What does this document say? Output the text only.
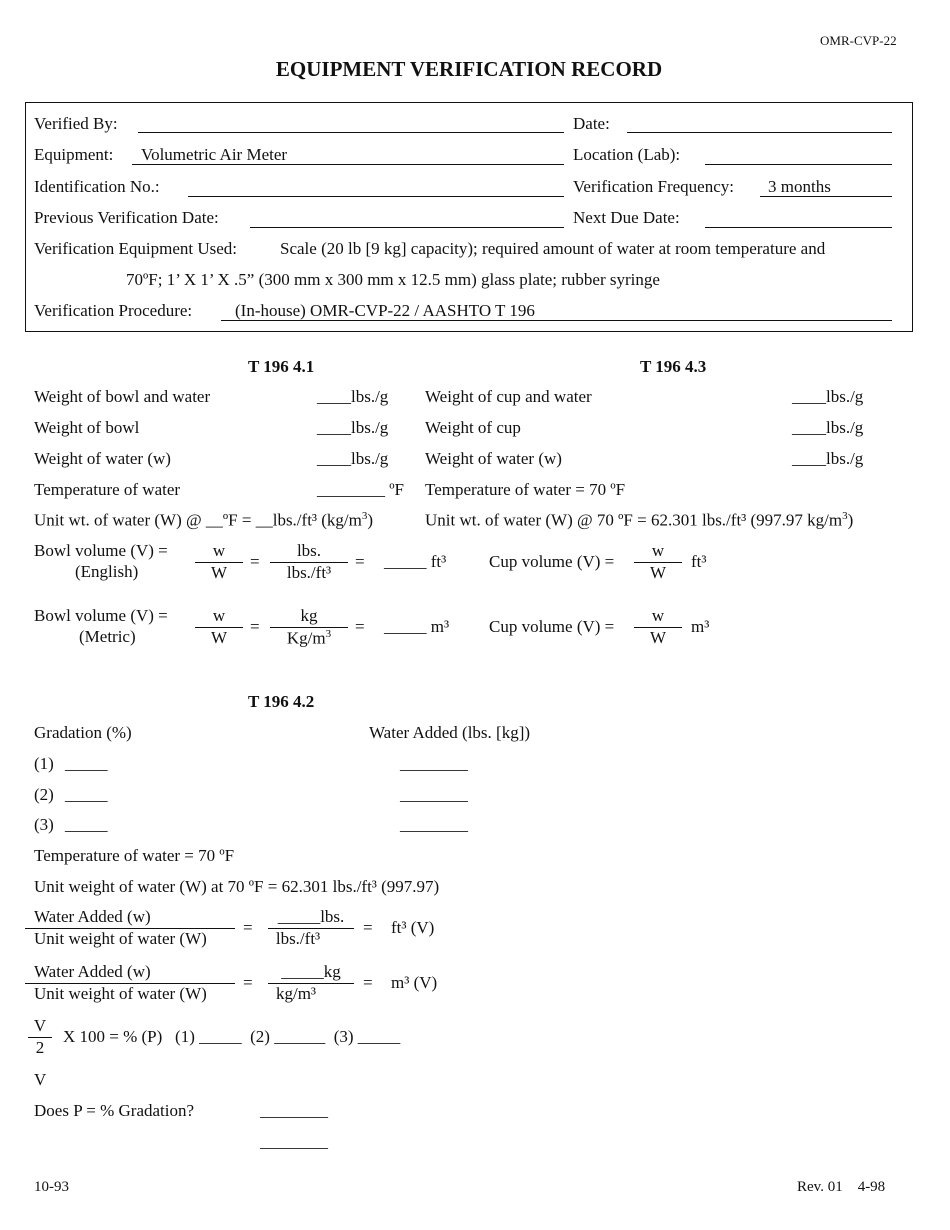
OMR-CVP-22
EQUIPMENT VERIFICATION RECORD
Verified By:	Date:
Equipment: Volumetric Air Meter	Location (Lab):
Identification No.:	Verification Frequency: 3 months
Previous Verification Date:	Next Due Date:
Verification Equipment Used:	Scale (20 lb [9 kg] capacity); required amount of water at room temperature and
70ºF; 1’ X 1’ X .5” (300 mm x 300 mm x 12.5 mm) glass plate; rubber syringe
Verification Procedure:	(In-house) OMR-CVP-22 / AASHTO T 196
T 196 4.1
Weight of bowl and water	____lbs./g
Weight of bowl	____lbs./g
Weight of water (w)	____lbs./g
Temperature of water	________ ºF
Unit wt. of water (W) @ __ºF = __lbs./ft³ $(kg/m^3)$
Bowl volume (V) =
(English)
w
W
=
lbs.
lbs./ft³
= _____ ft³
Bowl volume (V) =
(Metric)
w
W
=
kg
$Kg/m^3$	= _____ m³
T 196 4.3
Weight of cup and water	____lbs./g
Weight of cup	____lbs./g
Weight of water (w)	____lbs./g
Temperature of water = 70 ºF
Unit wt. of water (W) @ 70 ºF = 62.301 lbs./ft³ (997.97 $kg/m^3$)
Cup volume (V) =
w
W
ft³
Cup volume (V) =
w
W
m³
T 196 4.2
Gradation (%)	Water Added (lbs. [kg])
(1) _____	________
(2) _____	________
(3) _____	________
Temperature of water = 70 ºF
Unit weight of water (W) at 70 ºF = 62.301 lbs./ft³ (997.97)
Water Added (w)
Unit weight of water (W)
=
_____lbs.
lbs./ft³
= ft³ (V)
Water Added (w)
Unit weight of water (W)
=
_____kg
kg/m³
= m³ (V)
V
2
X 100 = % (P)   (1) _____  (2) ______  (3) _____
V
Does P = % Gradation?	________
________
10-93	Rev. 01    4-98
